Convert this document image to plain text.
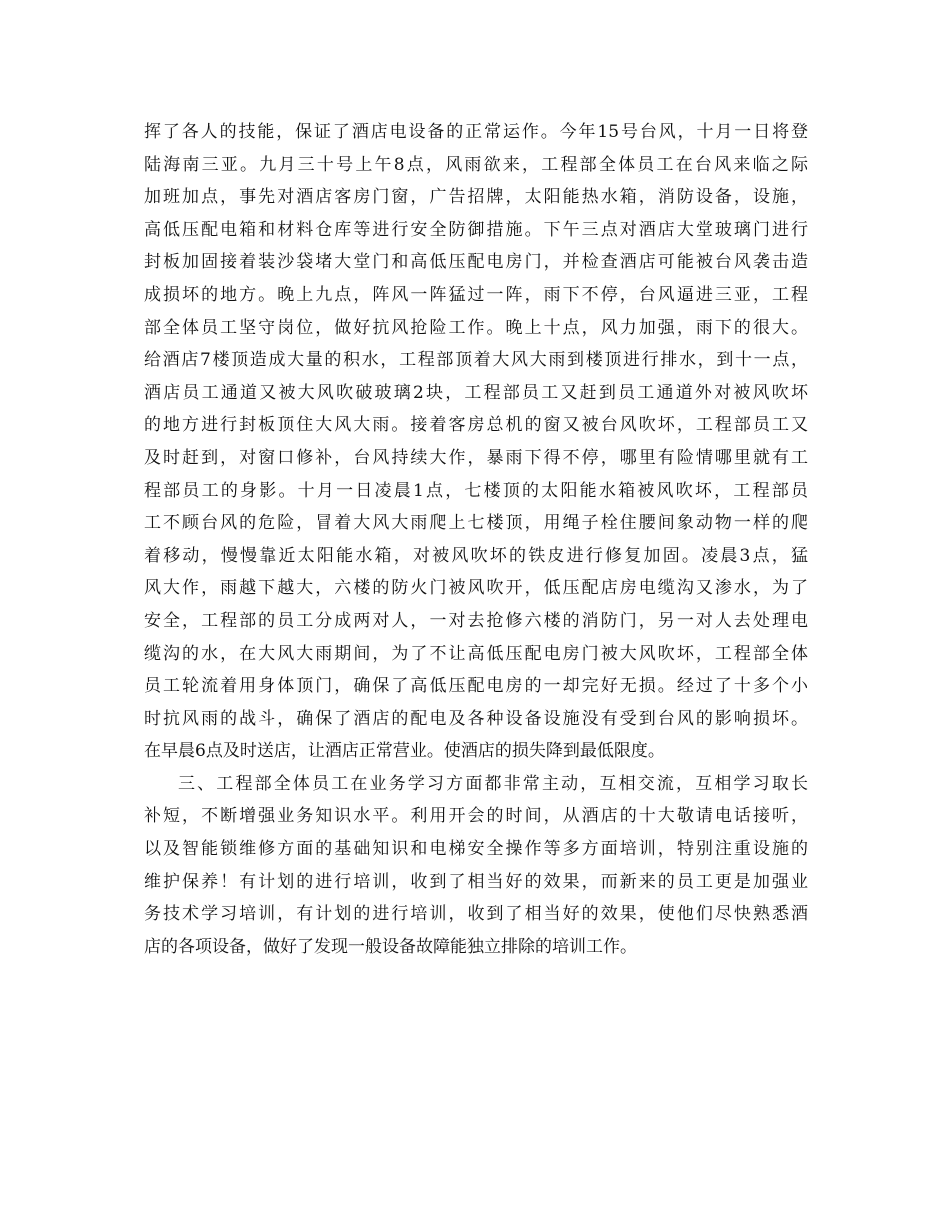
挥了各人的技能，保证了酒店电设备的正常运作。今年15号台风，十月一日将登
陆海南三亚。九月三十号上午8点，风雨欲来，工程部全体员工在台风来临之际
加班加点，事先对酒店客房门窗，广告招牌，太阳能热水箱，消防设备，设施，
高低压配电箱和材料仓库等进行安全防御措施。下午三点对酒店大堂玻璃门进行
封板加固接着装沙袋堵大堂门和高低压配电房门，并检查酒店可能被台风袭击造
成损坏的地方。晚上九点，阵风一阵猛过一阵，雨下不停，台风逼进三亚，工程
部全体员工坚守岗位，做好抗风抢险工作。晚上十点，风力加强，雨下的很大。
给酒店7楼顶造成大量的积水，工程部顶着大风大雨到楼顶进行排水，到十一点，
酒店员工通道又被大风吹破玻璃2块，工程部员工又赶到员工通道外对被风吹坏
的地方进行封板顶住大风大雨。接着客房总机的窗又被台风吹坏，工程部员工又
及时赶到，对窗口修补，台风持续大作，暴雨下得不停，哪里有险情哪里就有工
程部员工的身影。十月一日凌晨1点，七楼顶的太阳能水箱被风吹坏，工程部员
工不顾台风的危险，冒着大风大雨爬上七楼顶，用绳子栓住腰间象动物一样的爬
着移动，慢慢靠近太阳能水箱，对被风吹坏的铁皮进行修复加固。凌晨3点，猛
风大作，雨越下越大，六楼的防火门被风吹开，低压配店房电缆沟又渗水，为了
安全，工程部的员工分成两对人，一对去抢修六楼的消防门，另一对人去处理电
缆沟的水，在大风大雨期间，为了不让高低压配电房门被大风吹坏，工程部全体
员工轮流着用身体顶门，确保了高低压配电房的一却完好无损。经过了十多个小
时抗风雨的战斗，确保了酒店的配电及各种设备设施没有受到台风的影响损坏。
在早晨6点及时送店，让酒店正常营业。使酒店的损失降到最低限度。
三、工程部全体员工在业务学习方面都非常主动，互相交流，互相学习取长
补短，不断增强业务知识水平。利用开会的时间，从酒店的十大敬请电话接听，
以及智能锁维修方面的基础知识和电梯安全操作等多方面培训，特别注重设施的
维护保养！有计划的进行培训，收到了相当好的效果，而新来的员工更是加强业
务技术学习培训，有计划的进行培训，收到了相当好的效果，使他们尽快熟悉酒
店的各项设备，做好了发现一般设备故障能独立排除的培训工作。
